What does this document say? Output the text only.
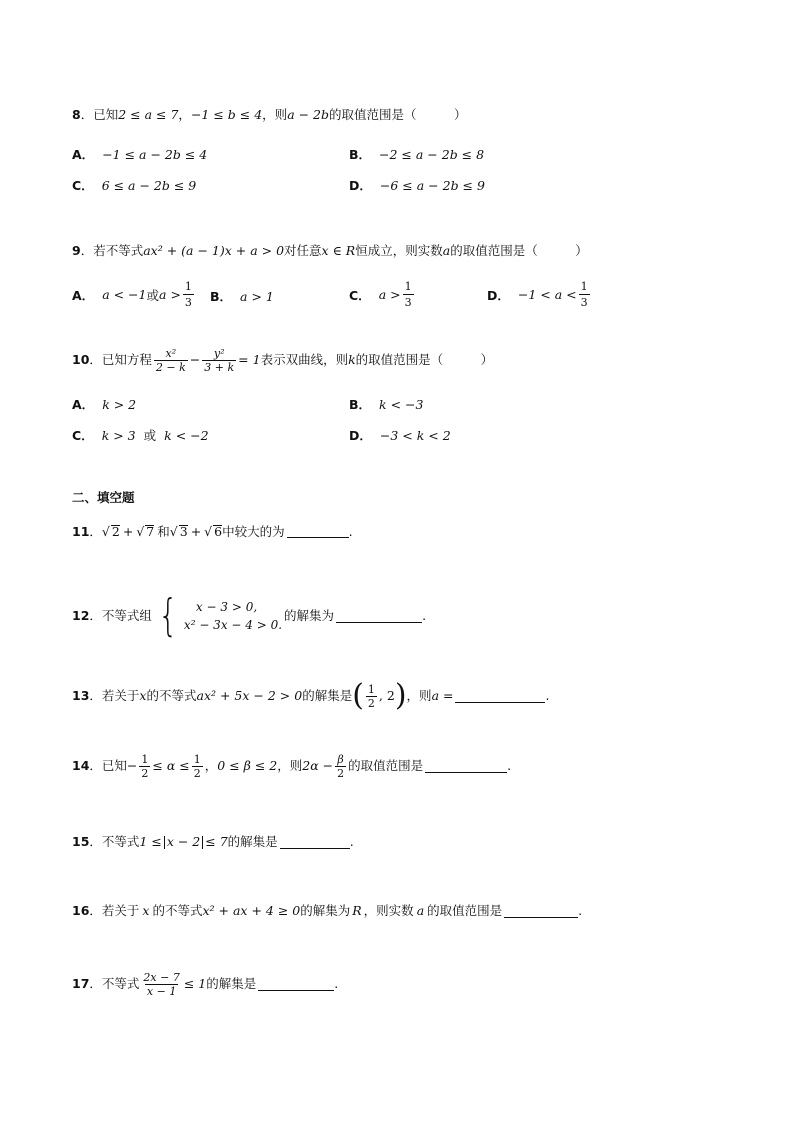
8 ．已知 2 ≤ a ≤ 7 ， −1 ≤ b ≤ 4 ，则 a − 2b 的取值范围是（　　　）
A． −1 ≤ a − 2b ≤ 4	B． −2 ≤ a − 2b ≤ 8
C． 6 ≤ a − 2b ≤ 9	D． −6 ≤ a − 2b ≤ 9
9 ．若不等式 ax² + (a − 1)x + a > 0 对任意 x ∈ R 恒成立，则实数 a 的取值范围是（　　　）
A． a < −1 或 $a > \frac{1}{3}$ B． a > 1	C． $a > \frac{1}{3}$	D． $-1 < a < \frac{1}{3}$
10 ．已知方程 $\frac{\text{x²}}{2 - k} - \frac{\text{y²}}{3 + k} = 1$ 表示双曲线，则 k 的取值范围是（　　　）
A． k > 2	B． k < −3
C． k > 3 或 k < −2	D． −3 < k < 2
二、填空题
11 ． √ 2 + √ 7 和 √ 3 + √ 6 中较大的为	.
12 ．不等式组 {	x − 3 > 0,
x² − 3x − 4 > 0.
的解集为	.
13 ．若关于 x 的不等式 ax² + 5x − 2 > 0 的解集是 ( $\frac{1}{2}$ , 2 ) ，则 a =	.
14 ．已知 − $\frac{1}{2} \le \alpha \le \frac{1}{2}$ ， 0 ≤ β ≤ 2 ，则 $2\alpha - \frac{\beta}{2}$ 的取值范围是	.
15 ．不等式 1 ≤ x − 2 ≤ 7 的解集是	.
16 ．若关于 x 的不等式 x² + ax + 4 ≥ 0 的解集为 R ，则实数 a 的取值范围是	.
17 ．不等式 $\frac{2x - 7}{x - 1} \le 1$ 的解集是	.
